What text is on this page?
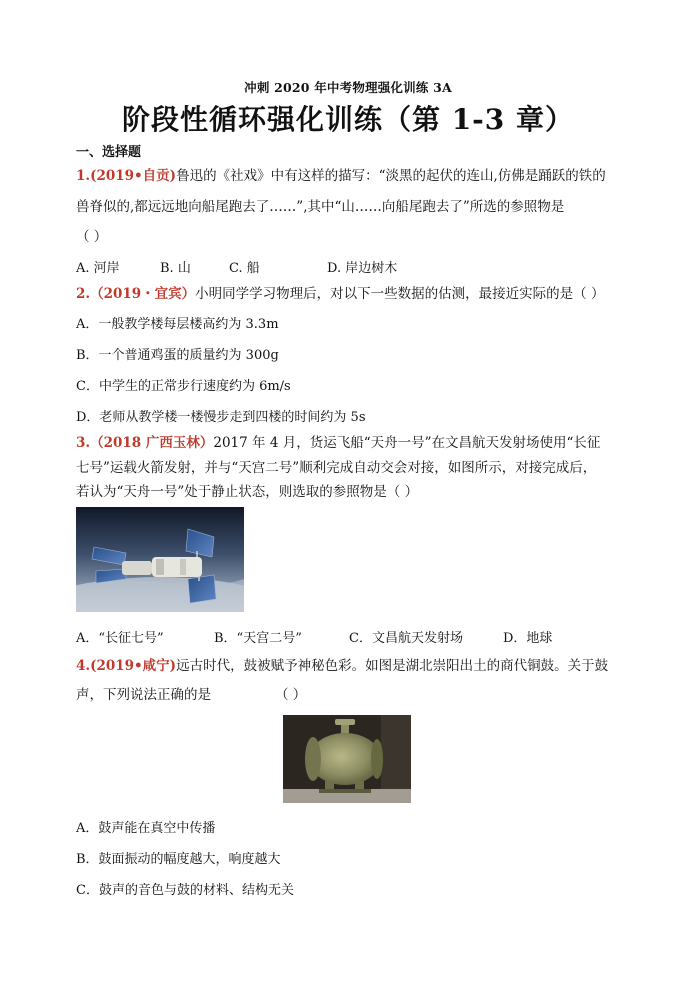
冲刺 2020 年中考物理强化训练 3A
阶段性循环强化训练（第 1-3 章）
一、选择题
1.(2019•自贡)鲁迅的《社戏》中有这样的描写：“淡黑的起伏的连山,仿佛是踊跃的铁的
兽脊似的,都远远地向船尾跑去了……”,其中“山……向船尾跑去了”所选的参照物是
（ ）
A. 河岸	B. 山	C. 船	D. 岸边树木
2.（2019・宜宾）小明同学学习物理后，对以下一些数据的估测，最接近实际的是（ ）
A．一般教学楼每层楼高约为 3.3m
B．一个普通鸡蛋的质量约为 300g
C．中学生的正常步行速度约为 6m/s
D．老师从教学楼一楼慢步走到四楼的时间约为 5s
3.（2018 广西玉林）2017 年 4 月，货运飞船“天舟一号”在文昌航天发射场使用“长征
七号”运载火箭发射，并与“天宫二号”顺利完成自动交会对接，如图所示，对接完成后，
若认为“天舟一号”处于静止状态，则选取的参照物是（ ）
A．“长征七号”	B．“天宫二号”	C．文昌航天发射场	D．地球
4.(2019•咸宁)远古时代，鼓被赋予神秘色彩。如图是湖北崇阳出土的商代铜鼓。关于鼓
声，下列说法正确的是	（ ）
A．鼓声能在真空中传播
B．鼓面振动的幅度越大，响度越大
C．鼓声的音色与鼓的材料、结构无关
